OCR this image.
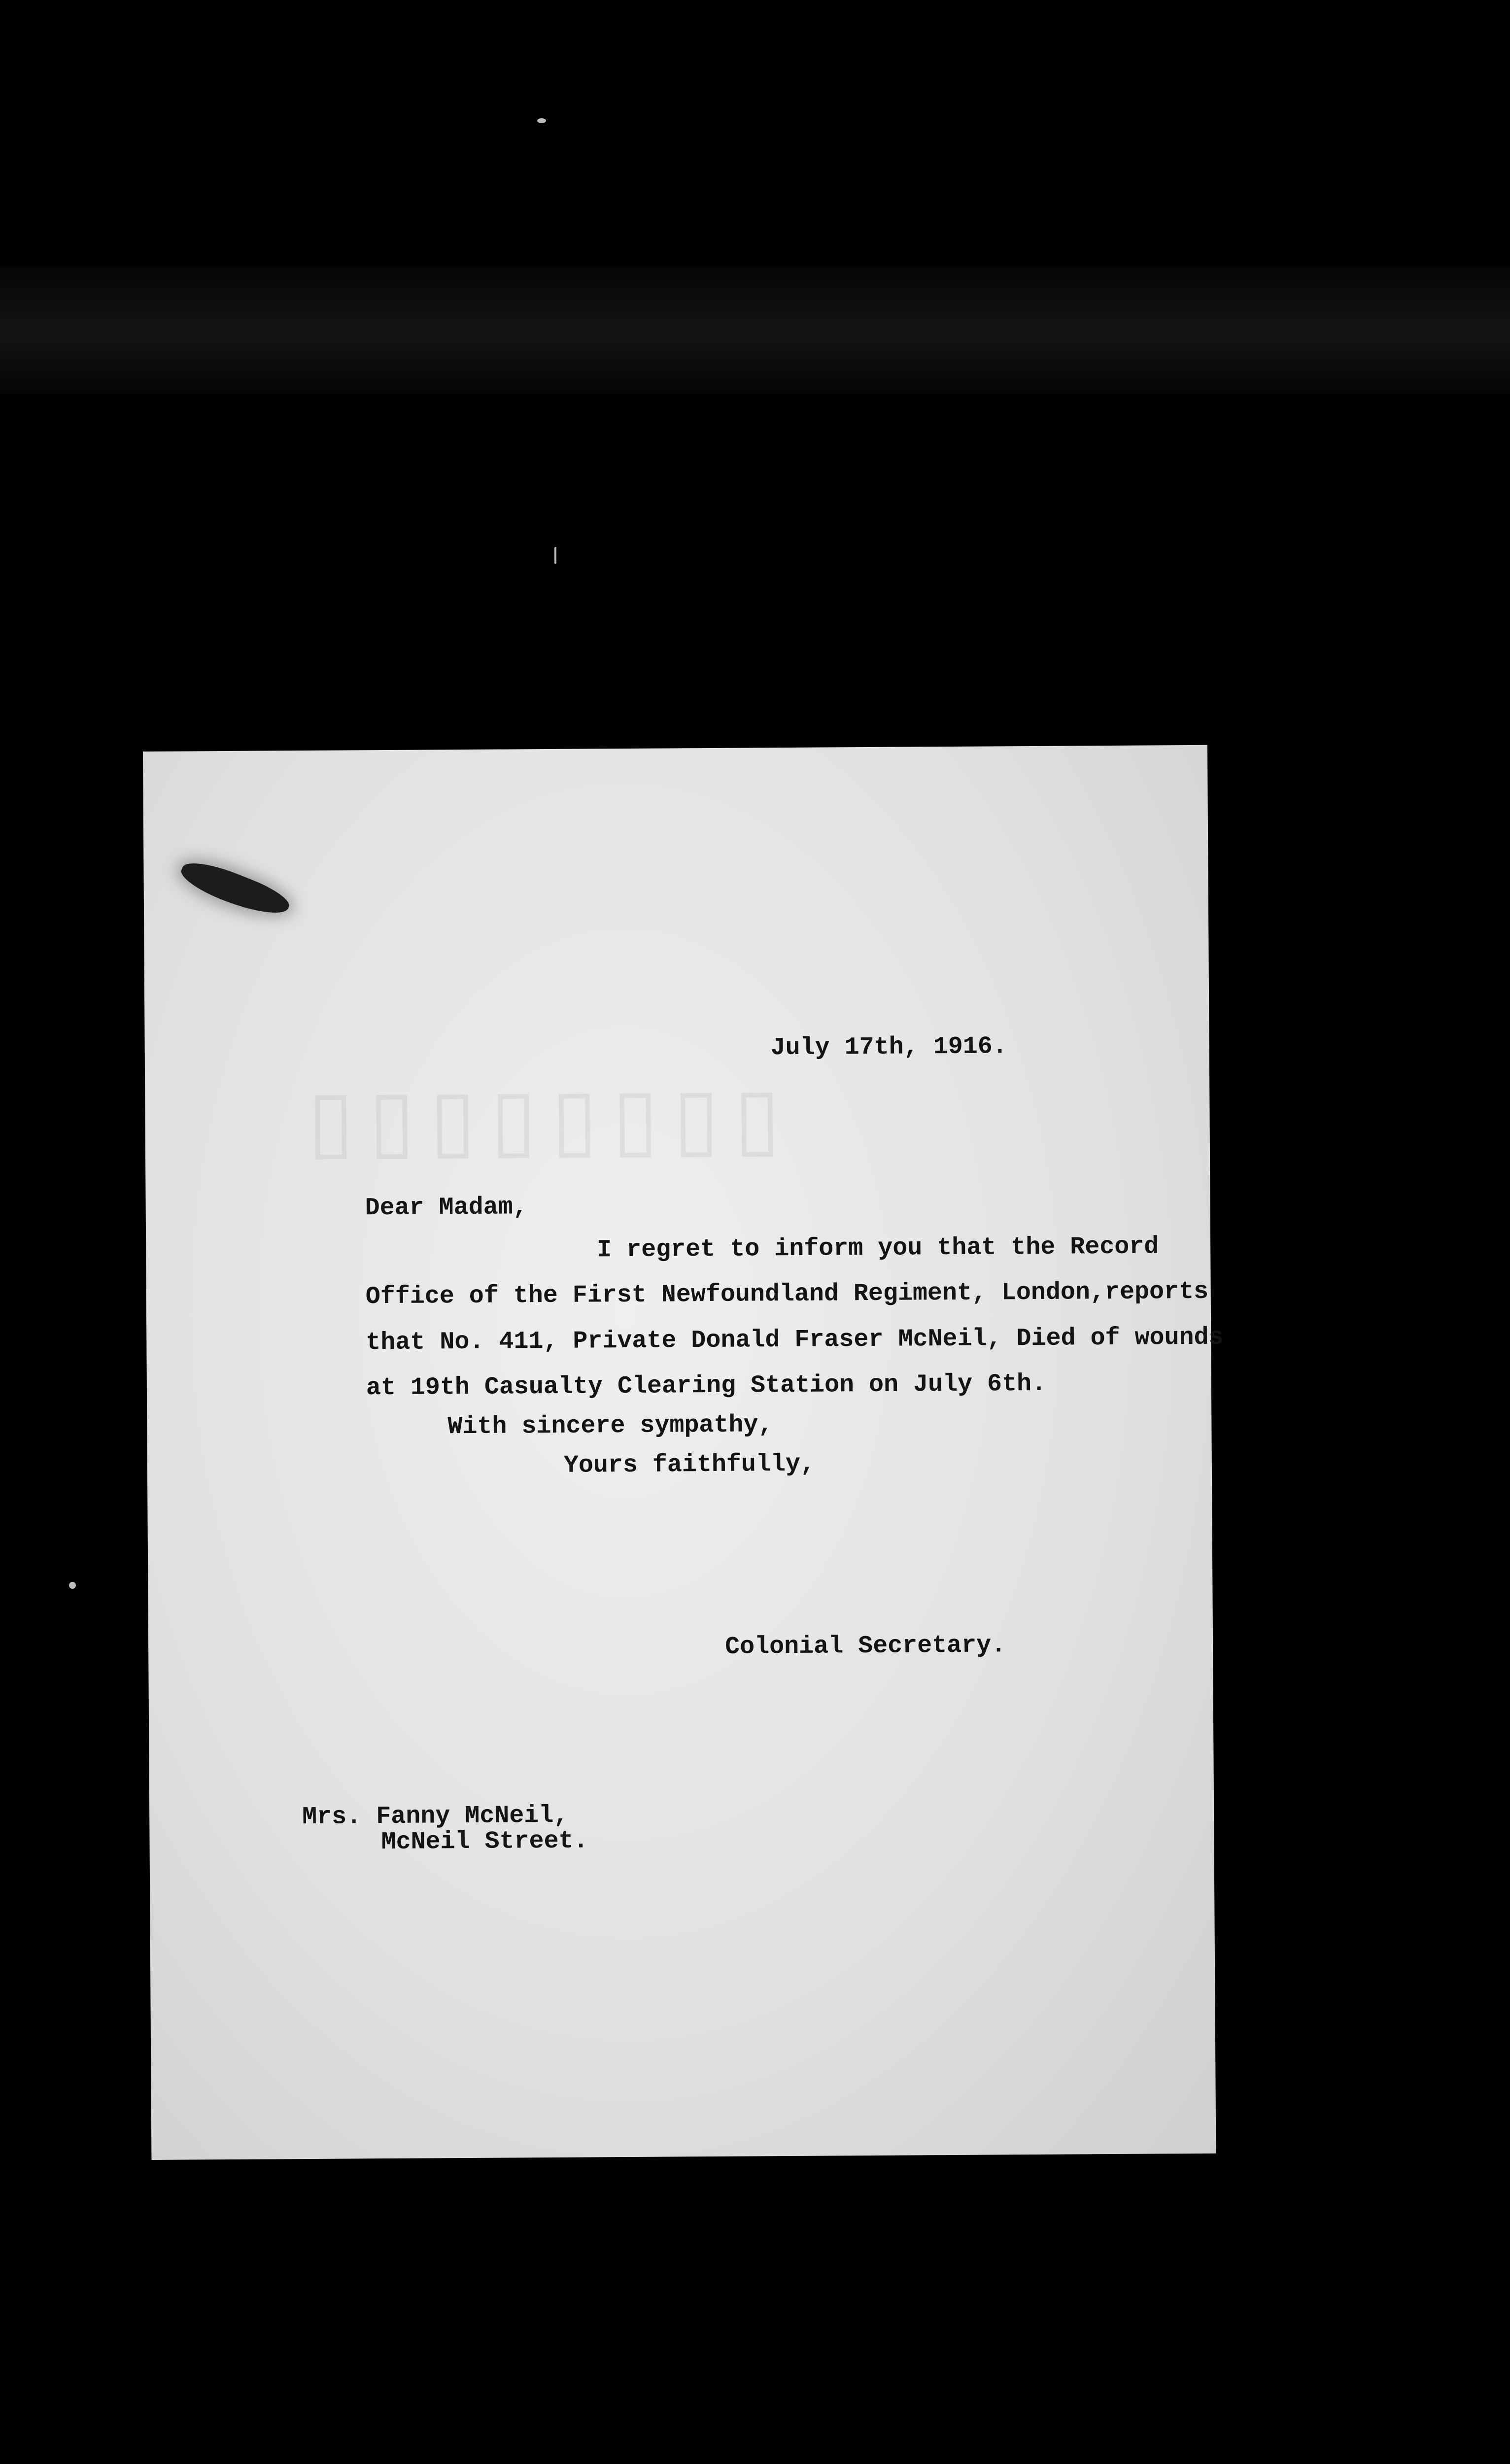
▯▯▯▯▯▯▯▯
July 17th, 1916.
Dear Madam,
I regret to inform you that the Record
Office of the First Newfoundland Regiment, London,reports
that No. 411, Private Donald Fraser McNeil, Died of wounds
at 19th Casualty Clearing Station on July 6th.
With sincere sympathy,
Yours faithfully,
Colonial Secretary.
Mrs. Fanny McNeil,
McNeil Street.
